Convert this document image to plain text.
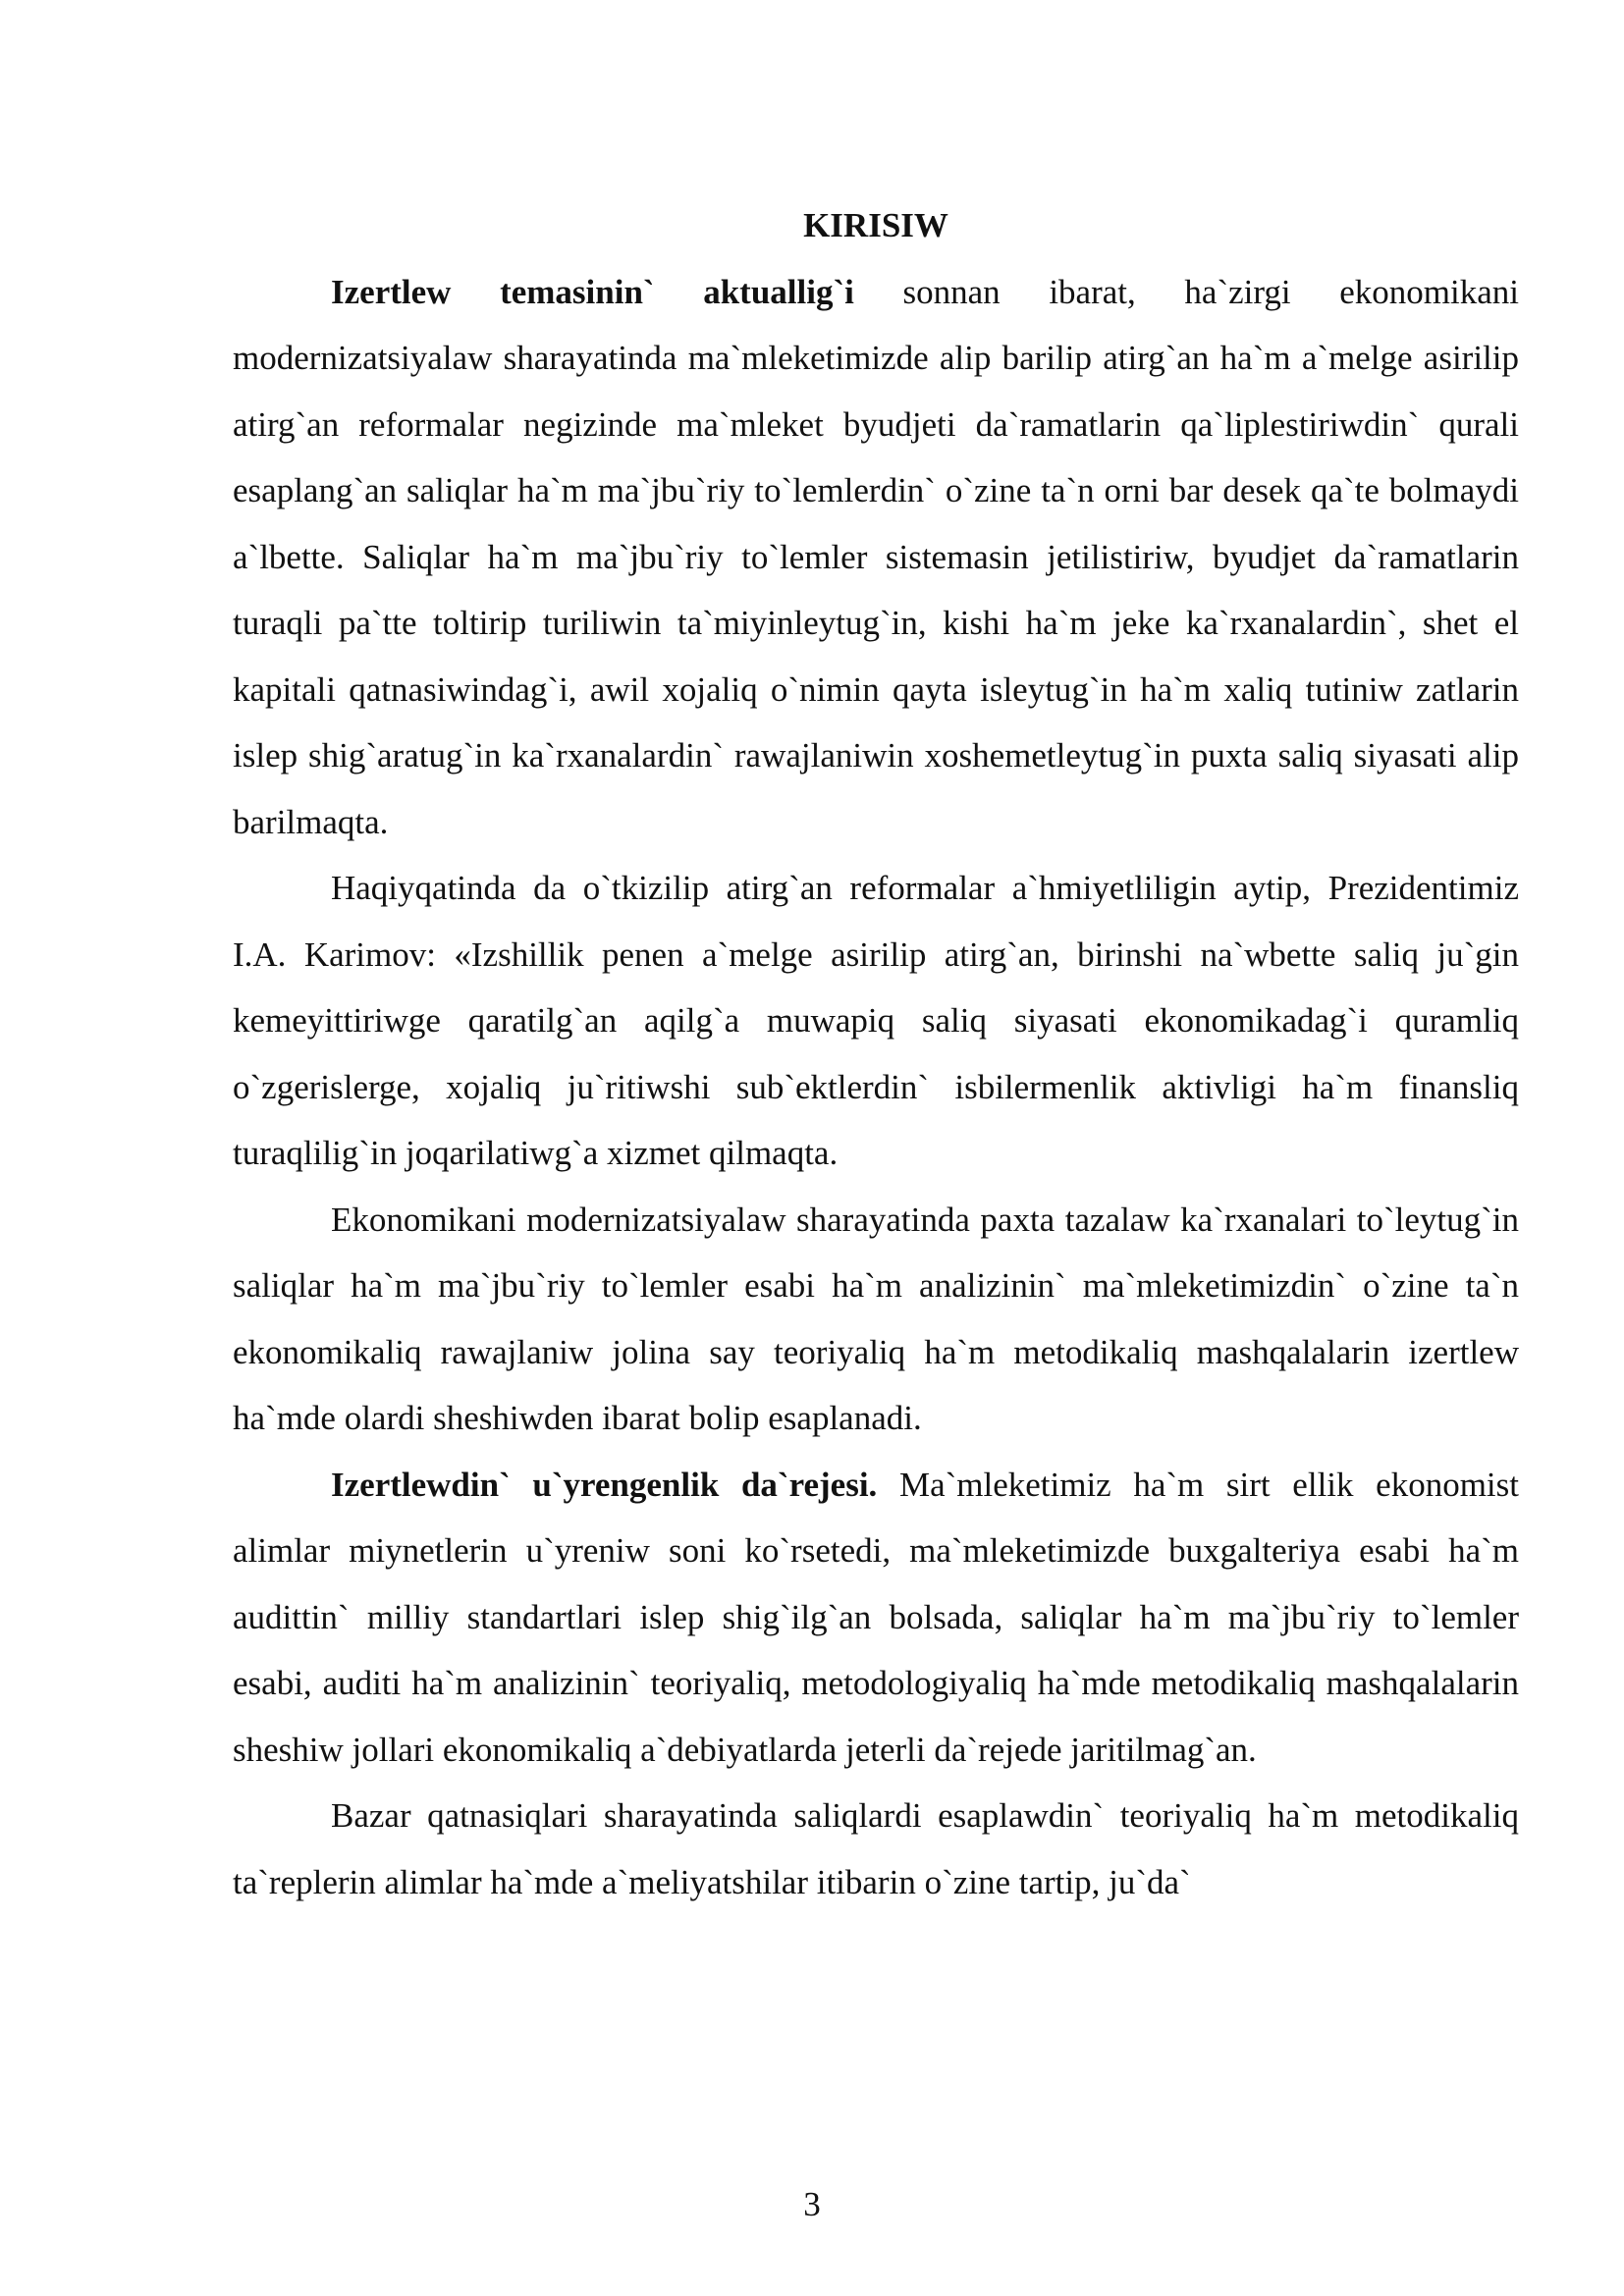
KIRISIW

Izertlew temasinin` aktuallig`i sonnan ibarat, ha`zirgi ekonomikani modernizatsiyalaw sharayatinda ma`mleketimizde alip barilip atirg`an ha`m a`melge asirilip atirg`an reformalar negizinde ma`mleket byudjeti da`ramatlarin qa`liplestiriwdin` qurali esaplang`an saliqlar ha`m ma`jbu`riy to`lemlerdin` o`zine ta`n orni bar desek qa`te bolmaydi a`lbette. Saliqlar ha`m ma`jbu`riy to`lemler sistemasin jetilistiriw, byudjet da`ramatlarin turaqli pa`tte toltirip turiliwin ta`miyinleytug`in, kishi ha`m jeke ka`rxanalardin`, shet el kapitali qatnasiwindag`i, awil xojaliq o`nimin qayta isleytug`in ha`m xaliq tutiniw zatlarin islep shig`aratug`in ka`rxanalardin` rawajlaniwin xoshemetleytug`in puxta saliq siyasati alip barilmaqta.

Haqiyqatinda da o`tkizilip atirg`an reformalar a`hmiyetliligin aytip, Prezidentimiz I.A. Karimov: «Izshillik penen a`melge asirilip atirg`an, birinshi na`wbette saliq ju`gin kemeyittiriwge qaratilg`an aqilg`a muwapiq saliq siyasati ekonomikadag`i quramliq o`zgerislerge, xojaliq ju`ritiwshi sub`ektlerdin` isbilermenlik aktivligi ha`m finansliq turaqlilig`in joqarilatiwg`a xizmet qilmaqta.

Ekonomikani modernizatsiyalaw sharayatinda paxta tazalaw ka`rxanalari to`leytug`in saliqlar ha`m ma`jbu`riy to`lemler esabi ha`m analizinin` ma`mleketimizdin` o`zine ta`n ekonomikaliq rawajlaniw jolina say teoriyaliq ha`m metodikaliq mashqalalarin izertlew ha`mde olardi sheshiwden ibarat bolip esaplanadi.

Izertlewdin` u`yrengenlik da`rejesi. Ma`mleketimiz ha`m sirt ellik ekonomist alimlar miynetlerin u`yreniw soni ko`rsetedi, ma`mleketimizde buxgalteriya esabi ha`m audittin` milliy standartlari islep shig`ilg`an bolsada, saliqlar ha`m ma`jbu`riy to`lemler esabi, auditi ha`m analizinin` teoriyaliq, metodologiyaliq ha`mde metodikaliq mashqalalarin sheshiw jollari ekonomikaliq a`debiyatlarda jeterli da`rejede jaritilmag`an.

Bazar qatnasiqlari sharayatinda saliqlardi esaplawdin` teoriyaliq ha`m metodikaliq ta`replerin alimlar ha`mde a`meliyatshilar itibarin o`zine tartip, ju`da`

3
